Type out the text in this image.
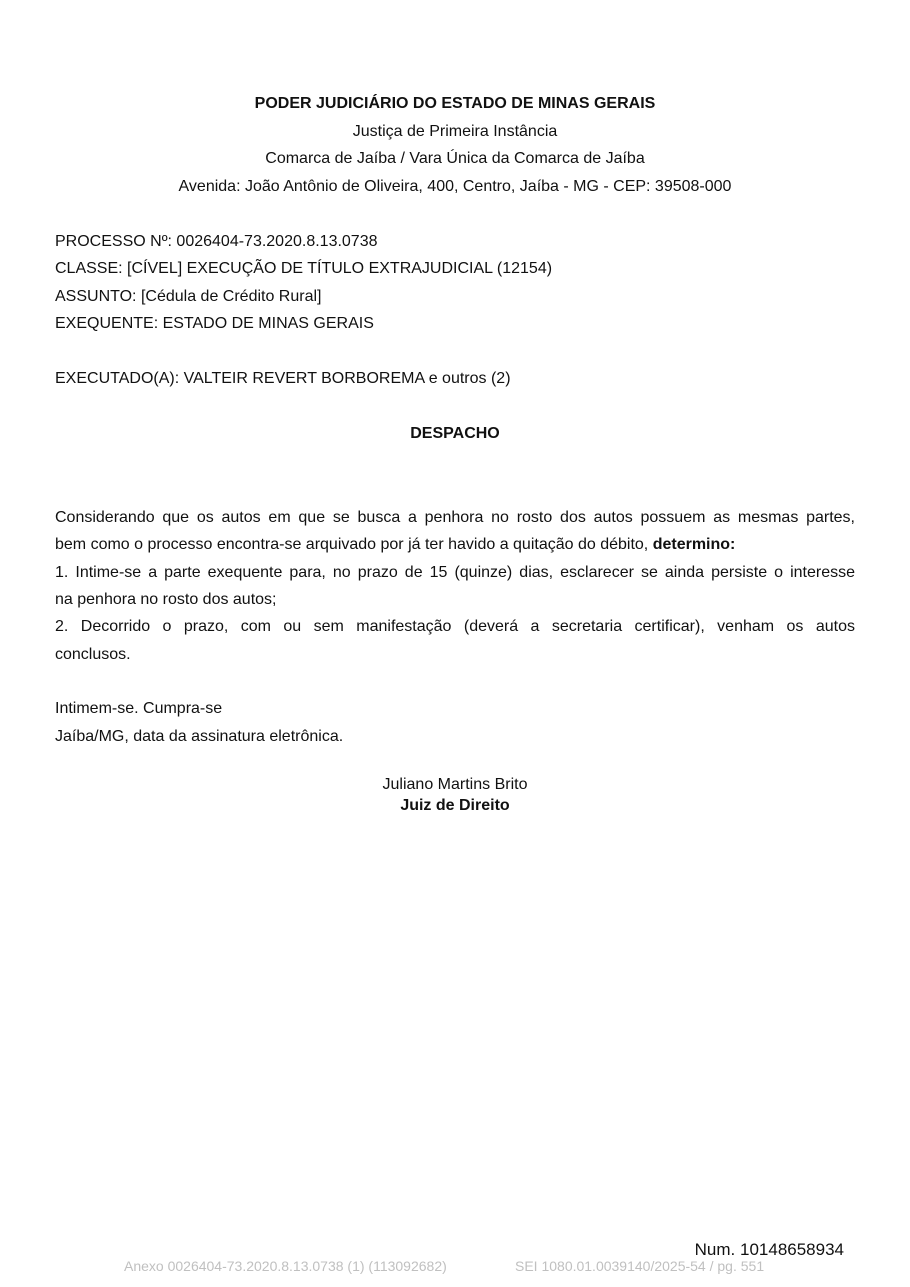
PODER JUDICIÁRIO DO ESTADO DE MINAS GERAIS
Justiça de Primeira Instância
Comarca de Jaíba / Vara Única da Comarca de Jaíba
Avenida: João Antônio de Oliveira, 400, Centro, Jaíba - MG - CEP: 39508-000
PROCESSO Nº: 0026404-73.2020.8.13.0738
CLASSE: [CÍVEL] EXECUÇÃO DE TÍTULO EXTRAJUDICIAL (12154)
ASSUNTO: [Cédula de Crédito Rural]
EXEQUENTE: ESTADO DE MINAS GERAIS
EXECUTADO(A): VALTEIR REVERT BORBOREMA e outros (2)
DESPACHO
Considerando que os autos em que se busca a penhora no rosto dos autos possuem as mesmas partes,
bem como o processo encontra-se arquivado por já ter havido a quitação do débito, determino:
1. Intime-se a parte exequente para, no prazo de 15 (quinze) dias, esclarecer se ainda persiste o interesse
na penhora no rosto dos autos;
2. Decorrido o prazo, com ou sem manifestação (deverá a secretaria certificar), venham os autos
conclusos.
Intimem-se. Cumpra-se
Jaíba/MG, data da assinatura eletrônica.
Juliano Martins Brito
Juiz de Direito
Num. 10148658934
Anexo 0026404-73.2020.8.13.0738 (1) (113092682)	SEI 1080.01.0039140/2025-54 / pg. 551
